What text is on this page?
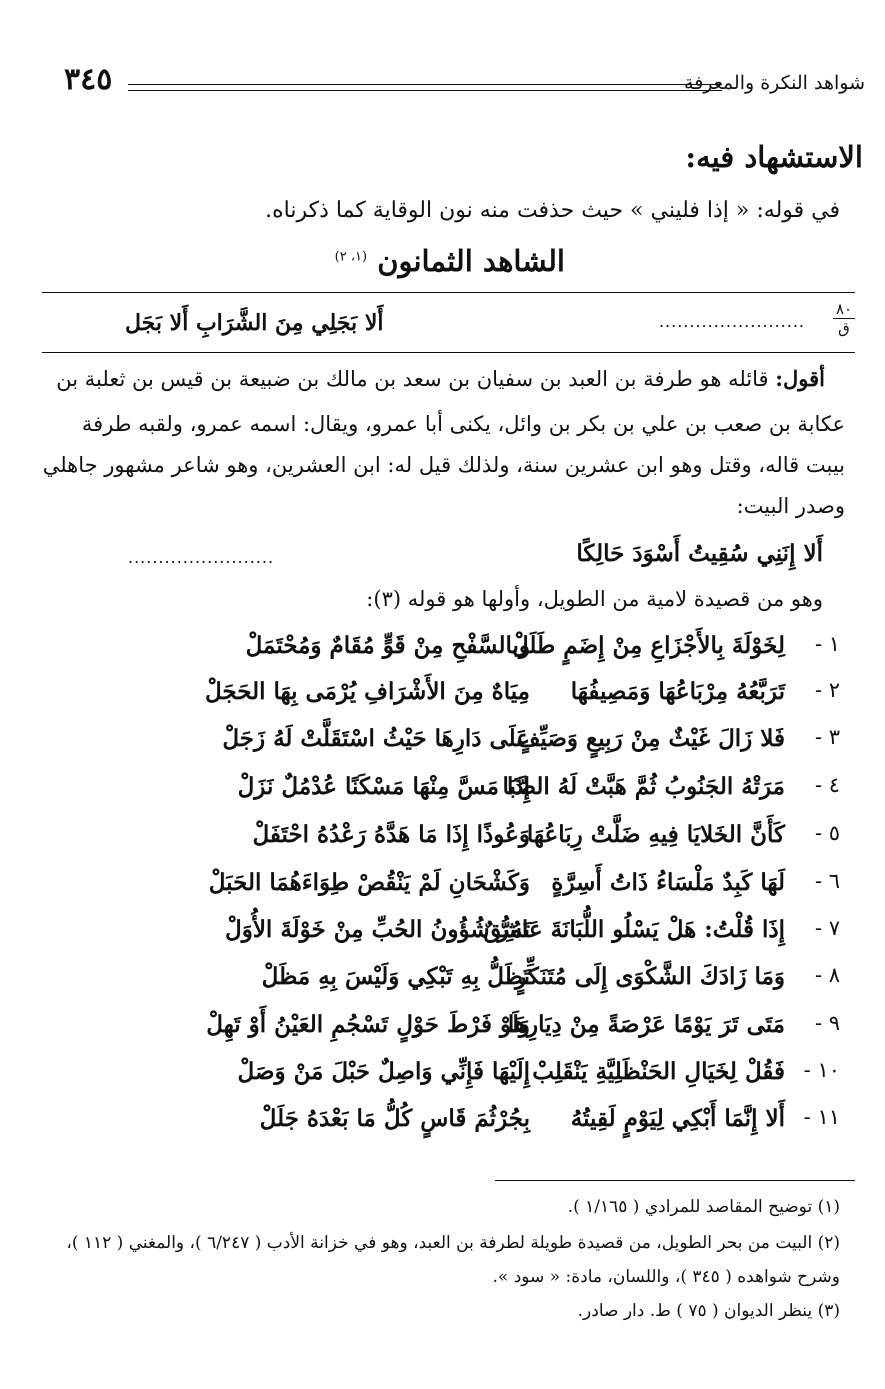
٣٤٥	شواهد النكرة والمعرفة
الاستشهاد فيه:
في قوله: « إذا فليني » حيث حذفت منه نون الوقاية كما ذكرناه.
الشاهد الثمانون $^{(١، ٢)}$
٨٠
ق
........................
أَلا بَجَلِي مِنَ الشَّرَابِ أَلا بَجَل
أقول: قائله هو طرفة بن العبد بن سفيان بن سعد بن مالك بن ضبيعة بن قيس بن ثعلبة بن
عكابة بن صعب بن علي بن بكر بن وائل، يكنى أبا عمرو، ويقال: اسمه عمرو، ولقبه طرفة
بيبت قاله، وقتل وهو ابن عشرين سنة، ولذلك قيل له: ابن العشرين، وهو شاعر مشهور جاهلي
وصدر البيت:
أَلا إِنَنِي سُقِيتُ أَسْوَدَ حَالِكًا
........................
وهو من قصيدة لامية من الطويل، وأولها هو قوله (٣):
١ -
لِخَوْلَةَ بِالأَجْزَاعِ مِنْ إِضَمٍ طَلَلْ
وبالسَّفْحِ مِنْ قَوٍّ مُقَامٌ وَمُحْتَمَلْ
٢ -
تَرَبَّعُهُ مِرْبَاعُهَا وَمَصِيفُهَا
مِيَاهٌ مِنَ الأَشْرَافِ يُرْمَى بِهَا الحَجَلْ
٣ -
فَلا زَالَ غَيْثٌ مِنْ رَبِيعٍ وَصَيِّفٍ
عَلَى دَارِهَا حَيْثُ اسْتَقَلَّتْ لَهُ زَجَلْ
٤ -
مَرَتْهُ الجَنُوبُ ثُمَّ هَبَّتْ لَهُ الصَّبَا
إِذَا مَسَّ مِنْهَا مَسْكَنًا عُدْمُلٌ نَزَلْ
٥ -
كَأَنَّ الخَلايَا فِيهِ ضَلَّتْ رِبَاعُهَا
وَعُوذًا إِذَا مَا هَدَّهُ رَعْدُهُ احْتَفَلْ
٦ -
لَهَا كَبِدٌ مَلْسَاءُ ذَاتُ أَسِرَّةٍ
وَكَشْحَانِ لَمْ يَنْقُصْ طِوَاءَهُمَا الحَبَلْ
٧ -
إِذَا قُلْتُ: هَلْ يَسْلُو اللُّبَانَةَ عَاشِقٌ
تَمُرُّ شُؤُونُ الحُبِّ مِنْ خَوْلَةَ الأُوَلْ
٨ -
وَمَا زَادَكَ الشَّكْوَى إِلَى مُتَنَكِّرٍ
تَظَلُّ بِهِ تَبْكِي وَلَيْسَ بِهِ مَظَلْ
٩ -
مَتَى تَرَ يَوْمًا عَرْصَةً مِنْ دِيَارِهَا
وَلَوْ فَرْطَ حَوْلٍ تَسْجُمِ العَيْنُ أَوْ تَهِلْ
١٠ -
فَقُلْ لِخَيَالِ الحَنْظَلِيَّةِ يَنْقَلِبْ
إِلَيْهَا فَإِنِّي وَاصِلٌ حَبْلَ مَنْ وَصَلْ
١١ -
أَلا إِنَّمَا أَبْكِي لِيَوْمٍ لَقِيتُهُ
بِجُرْثُمَ قَاسٍ كُلُّ مَا بَعْدَهُ جَلَلْ
(١) توضيح المقاصد للمرادي ( ١/١٦٥ ).
(٢) البيت من بحر الطويل، من قصيدة طويلة لطرفة بن العبد، وهو في خزانة الأدب ( ٦/٢٤٧ )، والمغني ( ١١٢ )،
وشرح شواهده ( ٣٤٥ )، واللسان، مادة: « سود ».
(٣) ينظر الديوان ( ٧٥ ) ط. دار صادر.
